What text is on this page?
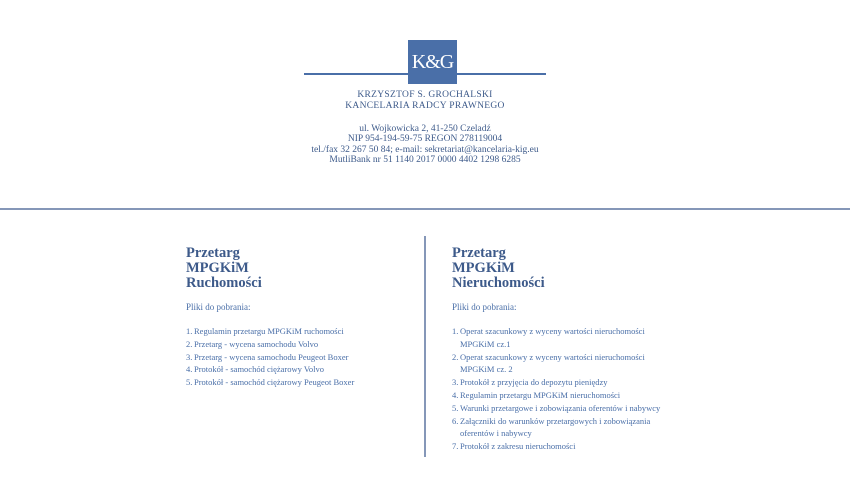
K&G
KRZYSZTOF S. GROCHALSKI
KANCELARIA RADCY PRAWNEGO
ul. Wojkowicka 2, 41-250 Czeladź
NIP 954-194-59-75 REGON 278119004
tel./fax 32 267 50 84; e-mail: sekretariat@kancelaria-kig.eu
MutliBank nr 51 1140 2017 0000 4402 1298 6285
Przetarg
MPGKiM
Ruchomości
Pliki do pobrania:
1. Regulamin przetargu MPGKiM ruchomości
2. Przetarg - wycena samochodu Volvo
3. Przetarg - wycena samochodu Peugeot Boxer
4. Protokół - samochód ciężarowy Volvo
5. Protokół - samochód ciężarowy Peugeot Boxer
Przetarg
MPGKiM
Nieruchomości
Pliki do pobrania:
1. Operat szacunkowy z wyceny wartości nieruchomości
MPGKiM cz.1
2. Operat szacunkowy z wyceny wartości nieruchomości
MPGKiM cz. 2
3. Protokół z przyjęcia do depozytu pieniędzy
4. Regulamin przetargu MPGKiM nieruchomości
5. Warunki przetargowe i zobowiązania oferentów i nabywcy
6. Załączniki do warunków przetargowych i zobowiązania
oferentów i nabywcy
7. Protokół z zakresu nieruchomości
